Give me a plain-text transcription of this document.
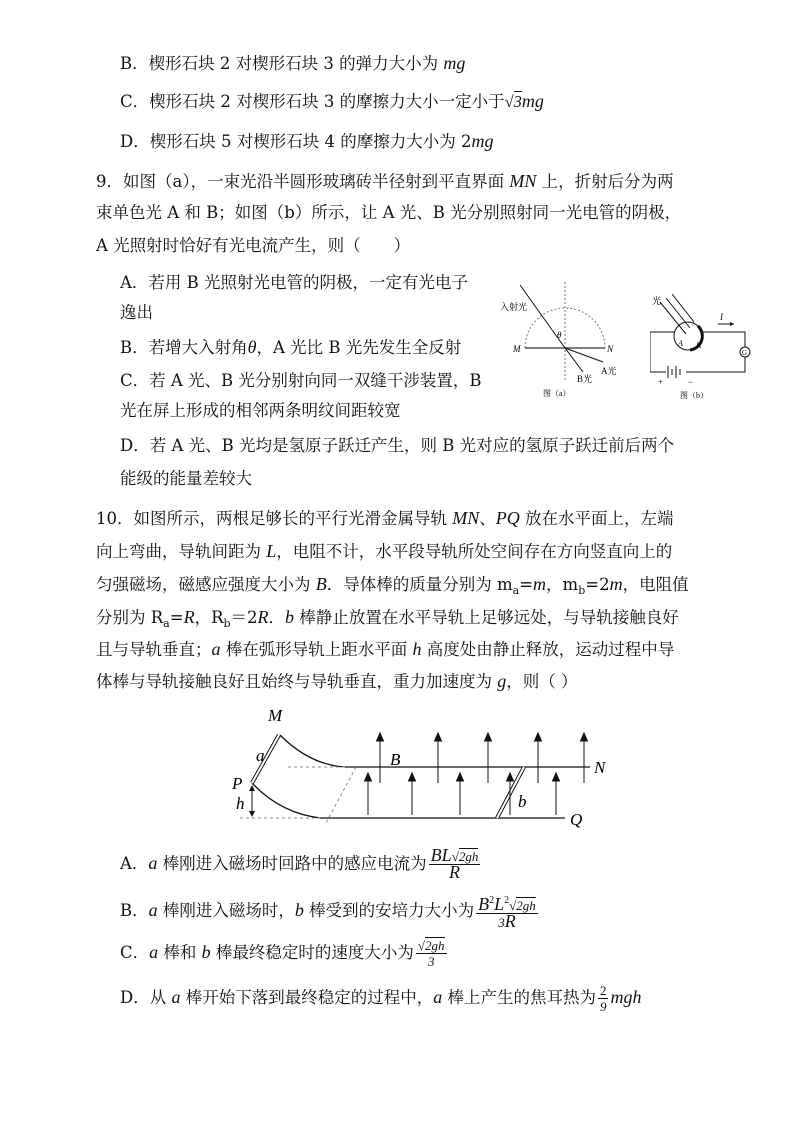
B．楔形石块 2 对楔形石块 3 的弹力大小为 mg
C．楔形石块 2 对楔形石块 3 的摩擦力大小一定小于√3mg
D．楔形石块 5 对楔形石块 4 的摩擦力大小为 2mg
9．如图（a），一束光沿半圆形玻璃砖半径射到平直界面 MN 上，折射后分为两
束单色光 A 和 B；如图（b）所示，让 A 光、B 光分别照射同一光电管的阴极，
A 光照射时恰好有光电流产生，则（　　）
A．若用 B 光照射光电管的阴极，一定有光电子
逸出
B．若增大入射角θ，A 光比 B 光先发生全反射
C．若 A 光、B 光分别射向同一双缝干涉装置，B
光在屏上形成的相邻两条明纹间距较宽
D．若 A 光、B 光均是氢原子跃迁产生，则 B 光对应的氢原子跃迁前后两个
能级的能量差较大
10．如图所示，两根足够长的平行光滑金属导轨 MN、PQ 放在水平面上，左端
向上弯曲，导轨间距为 L，电阻不计，水平段导轨所处空间存在方向竖直向上的
匀强磁场，磁感应强度大小为 B．导体棒的质量分别为 $m_a=m$，$m_b=2m$，电阻值
分别为 $R_a=R$，$R_b=2R$．b 棒静止放置在水平导轨上足够远处，与导轨接触良好
且与导轨垂直；a 棒在弧形导轨上距水平面 h 高度处由静止释放，运动过程中导
体棒与导轨接触良好且始终与导轨垂直，重力加速度为 g，则（ ）
A．a 棒刚进入磁场时回路中的感应电流为 $\frac{BL√2gh}{R}$
B．a 棒刚进入磁场时，b 棒受到的安培力大小为 $\frac{B^2L^2√2gh}{3R}$
C．a 棒和 b 棒最终稳定时的速度大小为 $\frac{√2gh}{3}$
D．从 a 棒开始下落到最终稳定的过程中，a 棒上产生的焦耳热为 $\frac{2}{9}$ mgh
入射光
θ
M	N
A光
B光
图（a）
光
I
A K
G
+	−
图（b）
M
a
P
h
B
b
N
Q
